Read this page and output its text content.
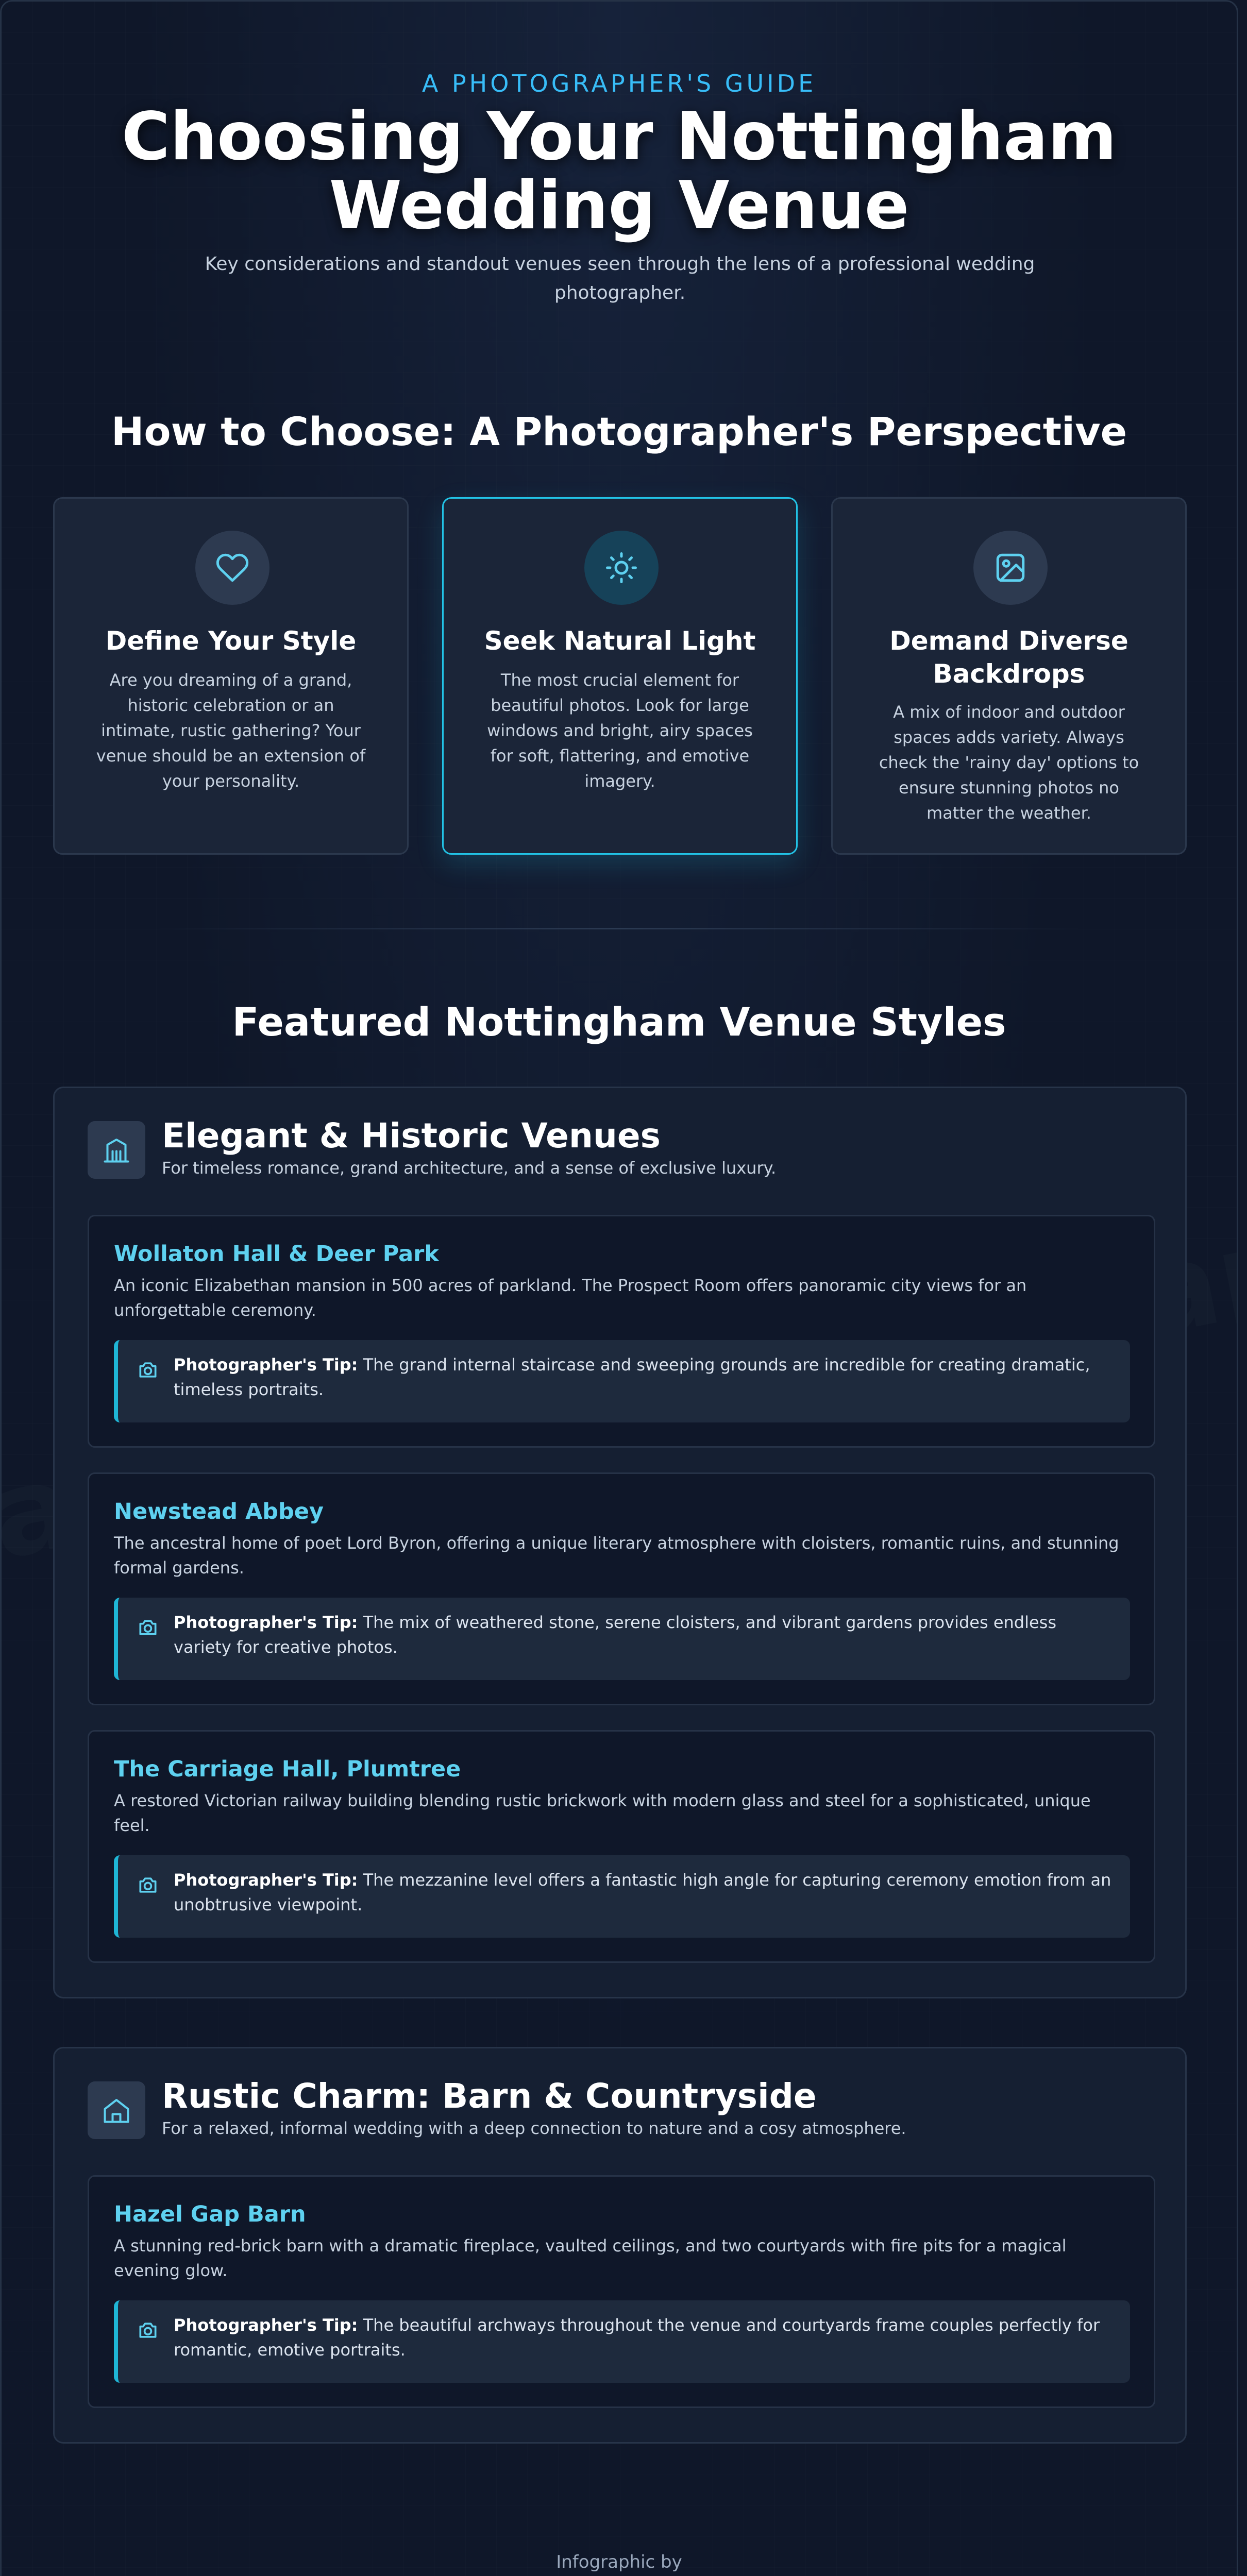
A PHOTOGRAPHER'S GUIDE
Choosing Your Nottingham
Wedding Venue

Key considerations and standout venues seen through the lens of a professional wedding photographer.

How to Choose: A Photographer's Perspective
Define Your Style

Are you dreaming of a grand, historic celebration or an intimate, rustic gathering? Your venue should be an extension of your personality.

Seek Natural Light

The most crucial element for beautiful photos. Look for large windows and bright, airy spaces for soft, flattering, and emotive imagery.

Demand Diverse Backdrops

A mix of indoor and outdoor spaces adds variety. Always check the 'rainy day' options to ensure stunning photos no matter the weather.

Featured Nottingham Venue Styles
Elegant & Historic Venues
For timeless romance, grand architecture, and a sense of exclusive luxury.
Wollaton Hall & Deer Park
An iconic Elizabethan mansion in 500 acres of parkland. The Prospect Room offers panoramic city views for an unforgettable ceremony.
Photographer's Tip: The grand internal staircase and sweeping grounds are incredible for creating dramatic, timeless portraits.
Newstead Abbey
The ancestral home of poet Lord Byron, offering a unique literary atmosphere with cloisters, romantic ruins, and stunning formal gardens.
Photographer's Tip: The mix of weathered stone, serene cloisters, and vibrant gardens provides endless variety for creative photos.
The Carriage Hall, Plumtree
A restored Victorian railway building blending rustic brickwork with modern glass and steel for a sophisticated, unique feel.
Photographer's Tip: The mezzanine level offers a fantastic high angle for capturing ceremony emotion from an unobtrusive viewpoint.
Rustic Charm: Barn & Countryside
For a relaxed, informal wedding with a deep connection to nature and a cosy atmosphere.
Hazel Gap Barn
A stunning red-brick barn with a dramatic fireplace, vaulted ceilings, and two courtyards with fire pits for a magical evening glow.
Photographer's Tip: The beautiful archways throughout the venue and courtyards frame couples perfectly for romantic, emotive portraits.
Infographic by
